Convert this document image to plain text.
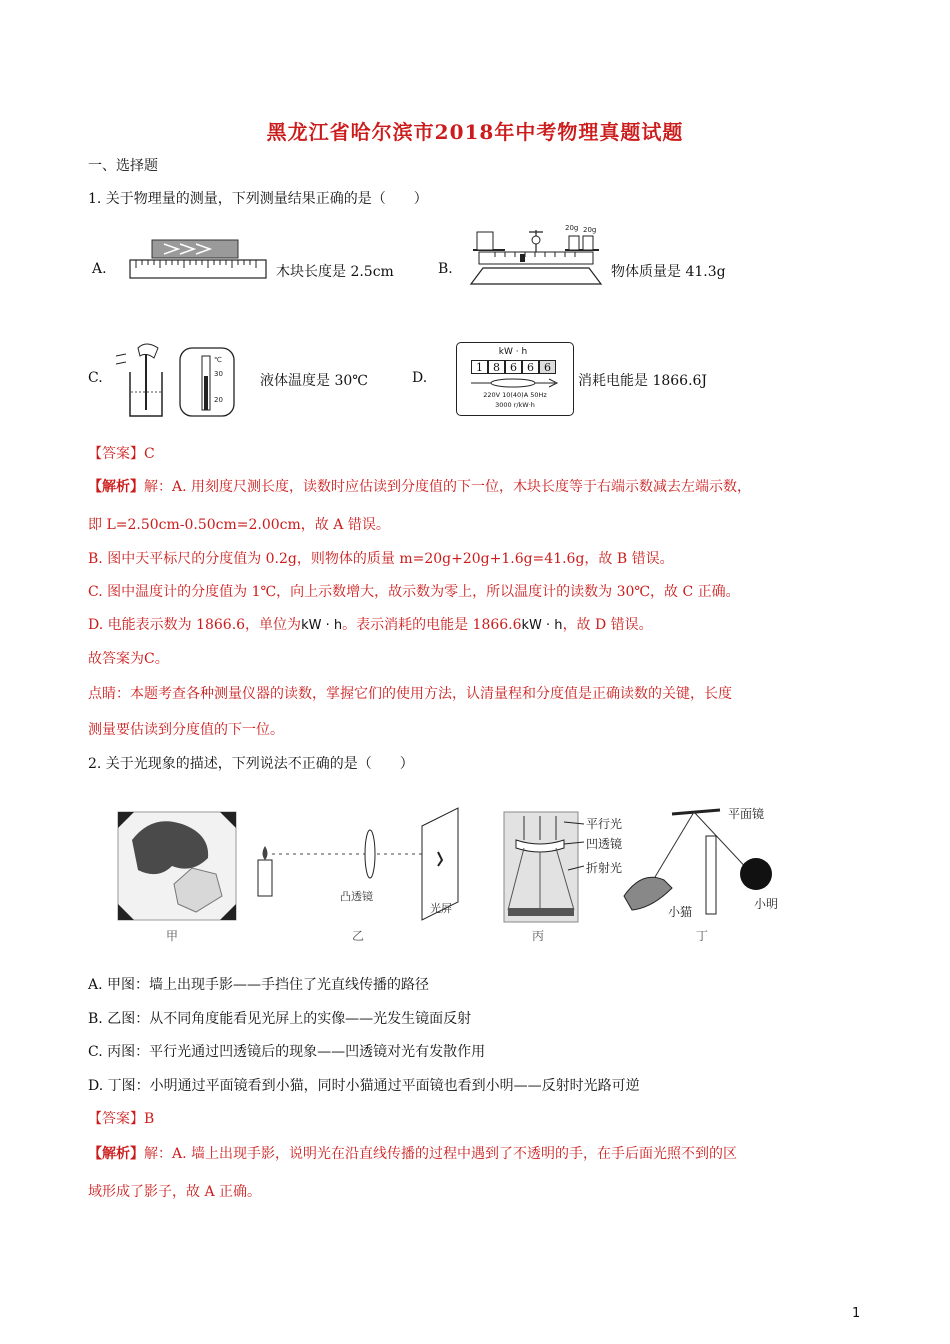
黑龙江省哈尔滨市2018年中考物理真题试题
一、选择题
1. 关于物理量的测量，下列测量结果正确的是（　　）
A.	木块长度是 2.5cm
20g 20g
B.	物体质量是 41.3g
℃
30
20
C.	液体温度是 30℃
kW · h
1 8 6 6 6
220V 10(40)A 50Hz
3000 r/kW·h
D.	消耗电能是 1866.6J
【答案】C
【解析】解：A. 用刻度尺测长度，读数时应估读到分度值的下一位，木块长度等于右端示数减去左端示数，
即 L=2.50cm-0.50cm=2.00cm，故 A 错误。
B. 图中天平标尺的分度值为 0.2g，则物体的质量 m=20g+20g+1.6g=41.6g，故 B 错误。
C. 图中温度计的分度值为 1℃，向上示数增大，故示数为零上，所以温度计的读数为 30℃，故 C 正确。
D. 电能表示数为 1866.6，单位为kW · h。表示消耗的电能是 1866.6kW · h，故 D 错误。
故答案为C。
点睛：本题考查各种测量仪器的读数，掌握它们的使用方法，认清量程和分度值是正确读数的关键，长度
测量要估读到分度值的下一位。
2. 关于光现象的描述，下列说法不正确的是（　　）
甲
凸透镜
光屏
乙
平行光
凹透镜
折射光
丙
平面镜
小猫
小明
丁
A. 甲图：墙上出现手影——手挡住了光直线传播的路径
B. 乙图：从不同角度能看见光屏上的实像——光发生镜面反射
C. 丙图：平行光通过凹透镜后的现象——凹透镜对光有发散作用
D. 丁图：小明通过平面镜看到小猫，同时小猫通过平面镜也看到小明——反射时光路可逆
【答案】B
【解析】解：A. 墙上出现手影，说明光在沿直线传播的过程中遇到了不透明的手，在手后面光照不到的区
域形成了影子，故 A 正确。
1
